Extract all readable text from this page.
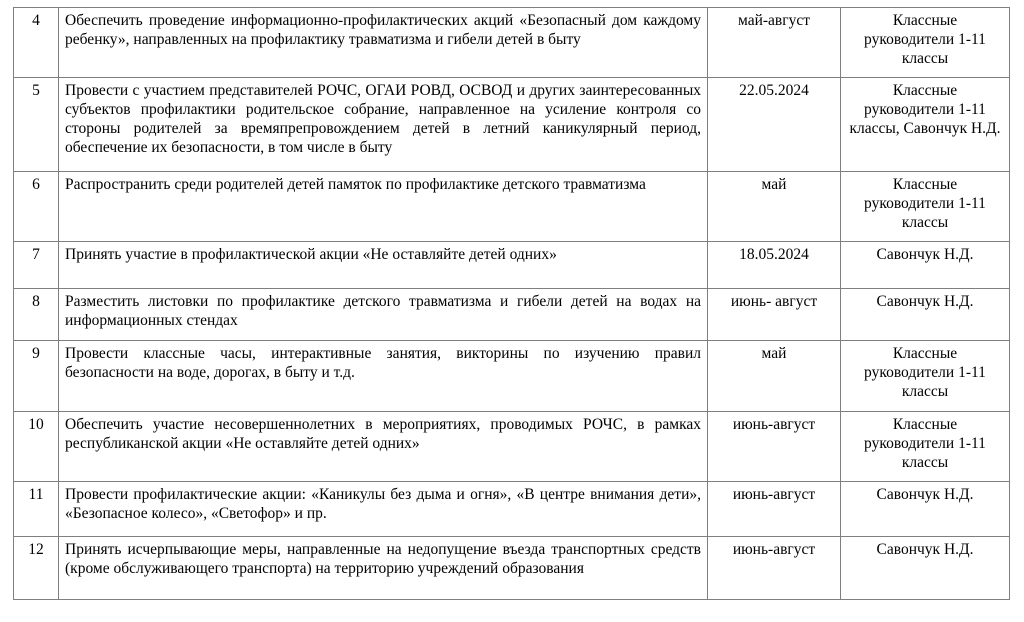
4	Обеспечить проведение информационно-профилактических акций «Безопасный дом каждому ребенку», направленных на профилактику травматизма и гибели детей в быту	май-август	Классные руководители 1-11 классы
5	Провести с участием представителей РОЧС, ОГАИ РОВД, ОСВОД и других заинтересованных субъектов профилактики родительское собрание, направленное на усиление контроля со стороны родителей за времяпрепровождением детей в летний каникулярный период, обеспечение их безопасности, в том числе в быту	22.05.2024	Классные руководители 1-11 классы, Савончук Н.Д.
6	Распространить среди родителей детей памяток по профилактике детского травматизма	май	Классные руководители 1-11 классы
7	Принять участие в профилактической акции «Не оставляйте детей одних»	18.05.2024	Савончук Н.Д.
8	Разместить листовки по профилактике детского травматизма и гибели детей на водах на информационных стендах	июнь- август	Савончук Н.Д.
9	Провести классные часы, интерактивные занятия, викторины по изучению правил безопасности на воде, дорогах, в быту и т.д.	май	Классные руководители 1-11 классы
10	Обеспечить участие несовершеннолетних в мероприятиях, проводимых РОЧС, в рамках республиканской акции «Не оставляйте детей одних»	июнь-август	Классные руководители 1-11 классы
11	Провести профилактические акции: «Каникулы без дыма и огня», «В центре внимания дети», «Безопасное колесо», «Светофор» и пр.	июнь-август	Савончук Н.Д.
12	Принять исчерпывающие меры, направленные на недопущение въезда транспортных средств (кроме обслуживающего транспорта) на территорию учреждений образования	июнь-август	Савончук Н.Д.
